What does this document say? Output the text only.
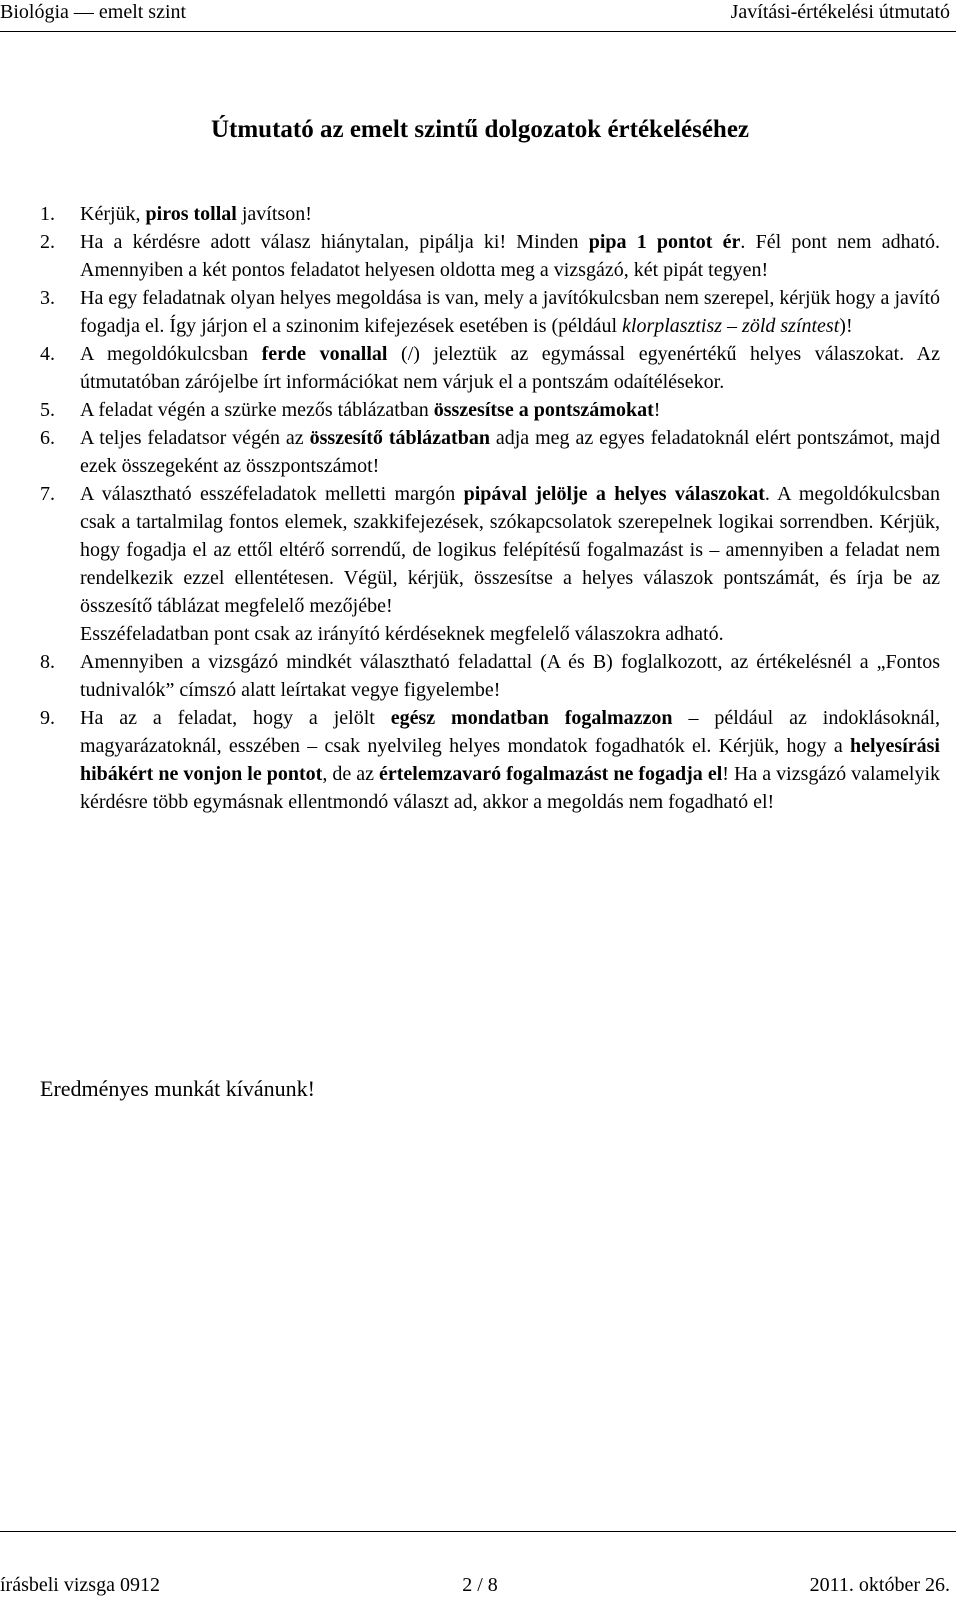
Biológia — emelt szint	Javítási-értékelési útmutató
Útmutató az emelt szintű dolgozatok értékeléséhez
1. Kérjük, piros tollal javítson!

2. Ha a kérdésre adott válasz hiánytalan, pipálja ki! Minden pipa 1 pontot ér. Fél pont nem adható. Amennyiben a két pontos feladatot helyesen oldotta meg a vizsgázó, két pipát tegyen!

3. Ha egy feladatnak olyan helyes megoldása is van, mely a javítókulcsban nem szerepel, kérjük hogy a javító fogadja el. Így járjon el a szinonim kifejezések esetében is (például klorplasztisz – zöld színtest)!

4. A megoldókulcsban ferde vonallal (/) jeleztük az egymással egyenértékű helyes válaszokat. Az útmutatóban zárójelbe írt információkat nem várjuk el a pontszám odaítélésekor.

5. A feladat végén a szürke mezős táblázatban összesítse a pontszámokat!

6. A teljes feladatsor végén az összesítő táblázatban adja meg az egyes feladatoknál elért pontszámot, majd ezek összegeként az összpontszámot!

7. A választható esszéfeladatok melletti margón pipával jelölje a helyes válaszokat. A megoldókulcsban csak a tartalmilag fontos elemek, szakkifejezések, szókapcsolatok szerepelnek logikai sorrendben. Kérjük, hogy fogadja el az ettől eltérő sorrendű, de logikus felépítésű fogalmazást is – amennyiben a feladat nem rendelkezik ezzel ellentétesen. Végül, kérjük, összesítse a helyes válaszok pontszámát, és írja be az összesítő táblázat megfelelő mezőjébe!

Esszéfeladatban pont csak az irányító kérdéseknek megfelelő válaszokra adható.

8. Amennyiben a vizsgázó mindkét választható feladattal (A és B) foglalkozott, az értékelésnél a „Fontos tudnivalók” címszó alatt leírtakat vegye figyelembe!

9. Ha az a feladat, hogy a jelölt egész mondatban fogalmazzon – például az indoklásoknál, magyarázatoknál, esszében – csak nyelvileg helyes mondatok fogadhatók el. Kérjük, hogy a helyesírási hibákért ne vonjon le pontot, de az értelemzavaró fogalmazást ne fogadja el! Ha a vizsgázó valamelyik kérdésre több egymásnak ellentmondó választ ad, akkor a megoldás nem fogadható el!

Eredményes munkát kívánunk!
írásbeli vizsga 0912	2 / 8	2011. október 26.
